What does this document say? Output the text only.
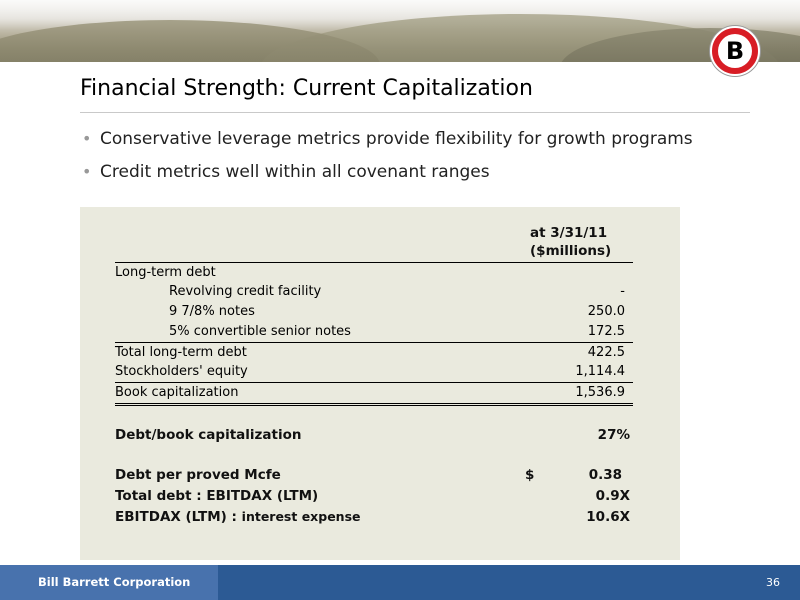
B
Financial Strength: Current Capitalization
• Conservative leverage metrics provide flexibility for growth programs
• Credit metrics well within all covenant ranges
at 3/31/11
($millions)
Long-term debt
Revolving credit facility	-
9 7/8% notes	250.0
5% convertible senior notes	172.5
Total long-term debt	422.5
Stockholders' equity	1,114.4
Book capitalization	1,536.9
Debt/book capitalization	27%
Debt per proved Mcfe	$	0.38
Total debt : EBITDAX (LTM)	0.9X
EBITDAX (LTM) : interest expense	10.6X
Bill Barrett Corporation	36
